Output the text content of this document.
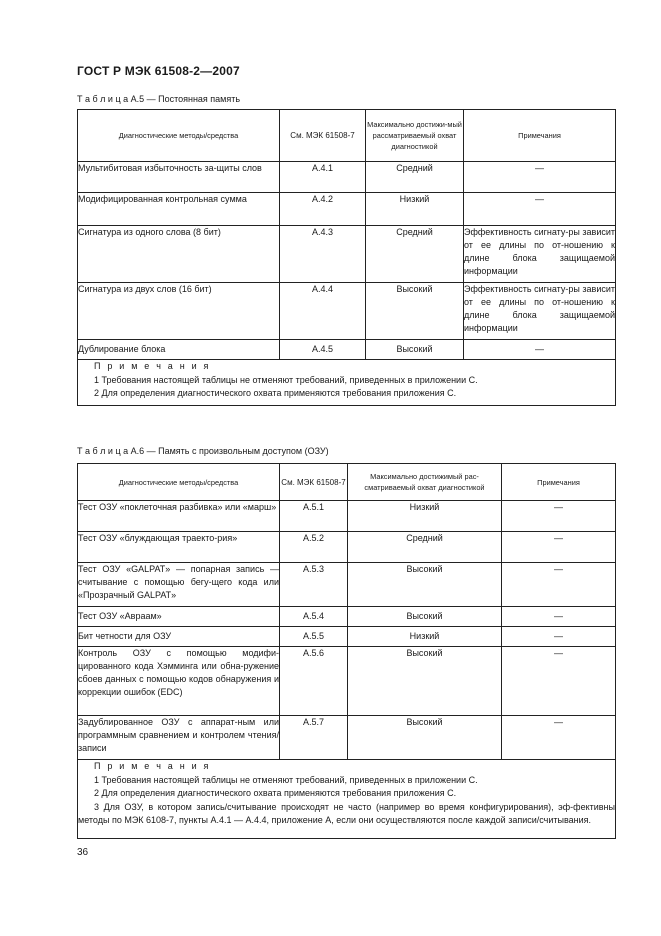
ГОСТ Р МЭК 61508-2—2007
Т а б л и ц а А.5 — Постоянная память
Диагностические методы/средства	См. МЭК 61508-7	Максимально достижи-мый рассматриваемый охват диагностикой	Примечания
Мультибитовая избыточность за-щиты слов	А.4.1	Средний	—
Модифицированная контрольная сумма	А.4.2	Низкий	—
Сигнатура из одного слова (8 бит)	А.4.3	Средний	Эффективность сигнату-ры зависит от ее длины по от-ношению к длине блока защищаемой информации
Сигнатура из двух слов (16 бит)	А.4.4	Высокий	Эффективность сигнату-ры зависит от ее длины по от-ношению к длине блока защищаемой информации
Дублирование блока	А.4.5	Высокий	—

П р и м е ч а н и я
1 Требования настоящей таблицы не отменяют требований, приведенных в приложении С.
2 Для определения диагностического охвата применяются требования приложения С.			
Т а б л и ц а А.6 — Память с произвольным доступом (ОЗУ)
Диагностические методы/средства	См. МЭК 61508-7	Максимально достижимый рас-сматриваемый охват диагностикой	Примечания
Тест ОЗУ «поклеточная разбивка» или «марш»	А.5.1	Низкий	—
Тест ОЗУ «блуждающая траекто-рия»	А.5.2	Средний	—
Тест ОЗУ «GALPAT» — попарная запись — считывание с помощью бегу-щего кода или «Прозрачный GALPAT»	А.5.3	Высокий	—
Тест ОЗУ «Авраам»	А.5.4	Высокий	—
Бит четности для ОЗУ	А.5.5	Низкий	—
Контроль ОЗУ с помощью модифи-цированного кода Хэмминга или обна-ружение сбоев данных с помощью кодов обнаружения и коррекции ошибок (EDC)	А.5.6	Высокий	—
Задублированное ОЗУ с аппарат-ным или программным сравнением и контролем чтения/записи	А.5.7	Высокий	—

П р и м е ч а н и я
1 Требования настоящей таблицы не отменяют требований, приведенных в приложении С.
2 Для определения диагностического охвата применяются требования приложения С.
3 Для ОЗУ, в котором запись/считывание происходят не часто (например во время конфигурирования), эф-фективны методы по МЭК 6108-7, пункты А.4.1 — А.4.4, приложение А, если они осуществляются после каждой записи/считывания.			
36
